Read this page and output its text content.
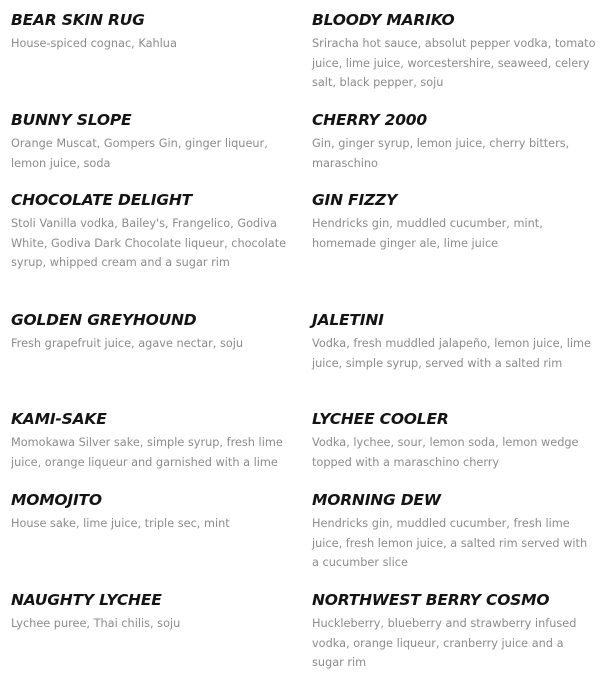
BEAR SKIN RUG
House-spiced cognac, Kahlua
BLOODY MARIKO
Sriracha hot sauce, absolut pepper vodka, tomato juice, lime juice, worcestershire, seaweed, celery salt, black pepper, soju
BUNNY SLOPE
Orange Muscat, Gompers Gin, ginger liqueur, lemon juice, soda
CHERRY 2000
Gin, ginger syrup, lemon juice, cherry bitters, maraschino
CHOCOLATE DELIGHT
Stoli Vanilla vodka, Bailey's, Frangelico, Godiva White, Godiva Dark Chocolate liqueur, chocolate syrup, whipped cream and a sugar rim
GIN FIZZY
Hendricks gin, muddled cucumber, mint, homemade ginger ale, lime juice
GOLDEN GREYHOUND
Fresh grapefruit juice, agave nectar, soju
JALETINI
Vodka, fresh muddled jalapeño, lemon juice, lime juice, simple syrup, served with a salted rim
KAMI-SAKE
Momokawa Silver sake, simple syrup, fresh lime juice, orange liqueur and garnished with a lime
LYCHEE COOLER
Vodka, lychee, sour, lemon soda, lemon wedge topped with a maraschino cherry
MOMOJITO
House sake, lime juice, triple sec, mint
MORNING DEW
Hendricks gin, muddled cucumber, fresh lime juice, fresh lemon juice, a salted rim served with a cucumber slice
NAUGHTY LYCHEE
Lychee puree, Thai chilis, soju
NORTHWEST BERRY COSMO
Huckleberry, blueberry and strawberry infused vodka, orange liqueur, cranberry juice and a sugar rim
